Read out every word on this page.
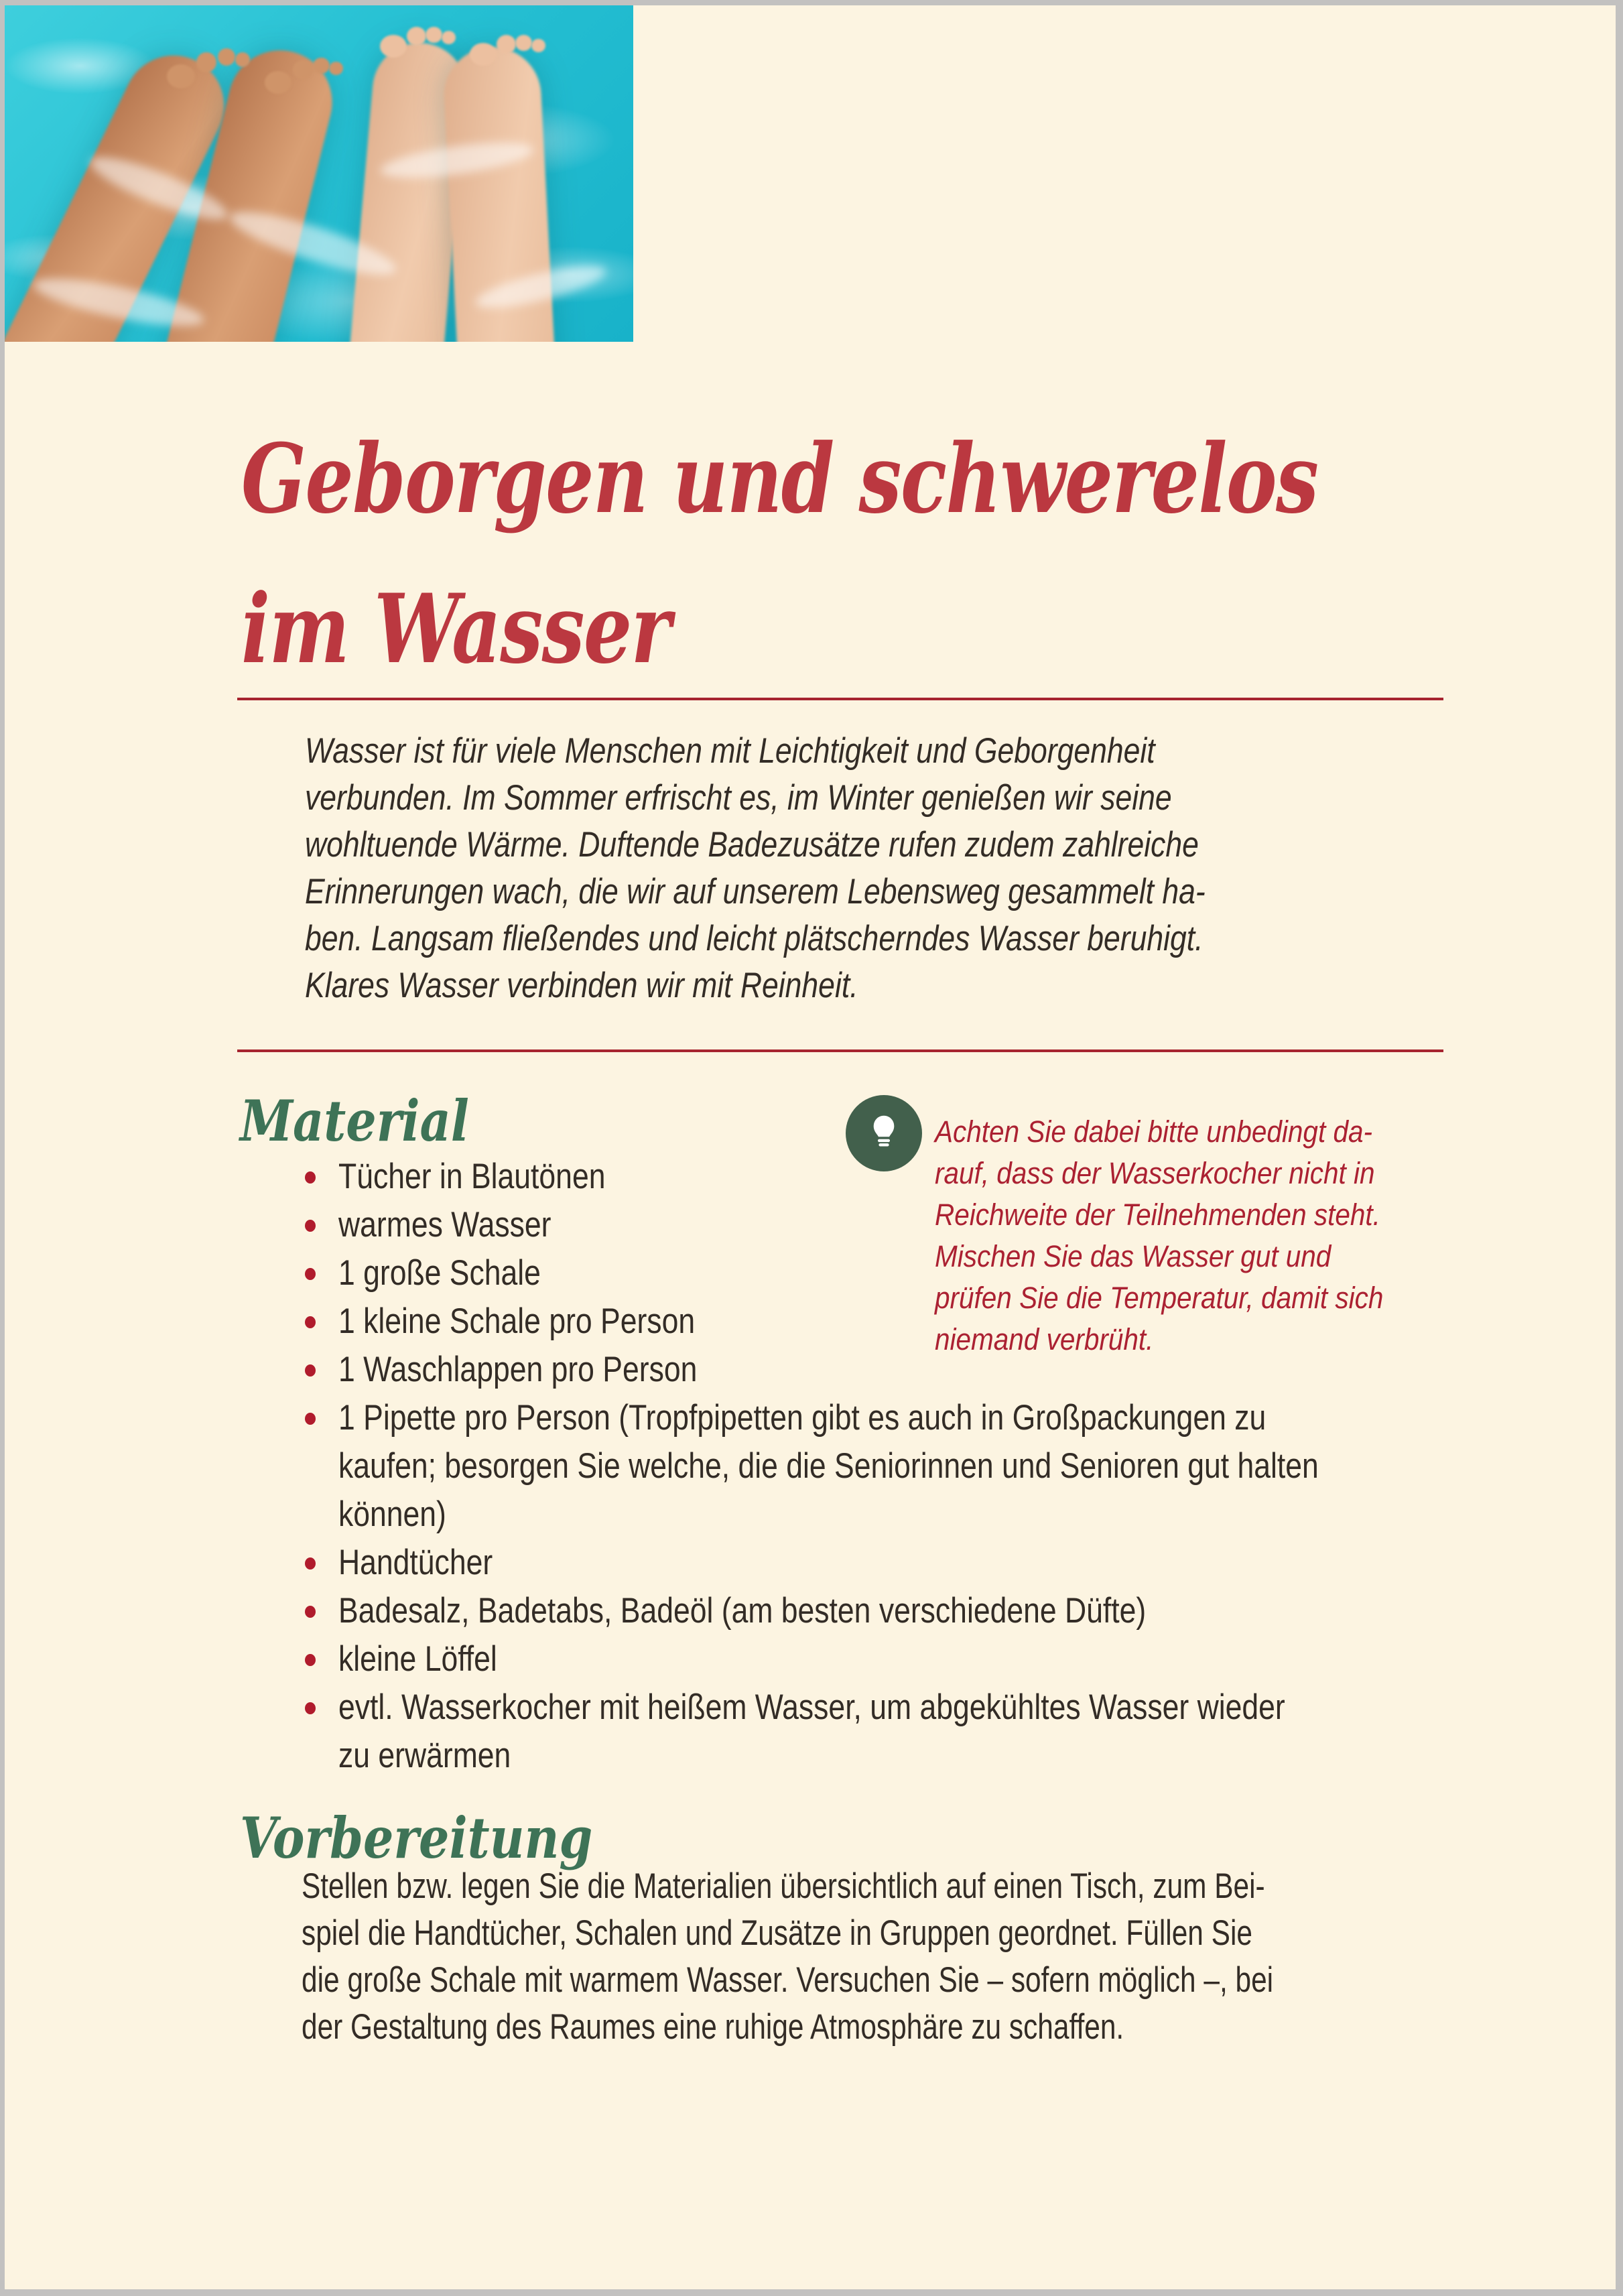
Geborgen und schwerelos
im Wasser
Wasser ist für viele Menschen mit Leichtigkeit und Geborgenheit
verbunden. Im Sommer erfrischt es, im Winter genießen wir seine
wohltuende Wärme. Duftende Badezusätze rufen zudem zahlreiche
Erinnerungen wach, die wir auf unserem Lebensweg gesammelt ha-
ben. Langsam fließendes und leicht plätscherndes Wasser beruhigt.
Klares Wasser verbinden wir mit Reinheit.
Material	Achten Sie dabei bitte unbedingt da-
rauf, dass der Wasserkocher nicht in
Reichweite der Teilnehmenden steht.
Mischen Sie das Wasser gut und
prüfen Sie die Temperatur, damit sich
niemand verbrüht.
Tücher in Blautönen
warmes Wasser
1 große Schale
1 kleine Schale pro Person
1 Waschlappen pro Person
1 Pipette pro Person (Tropfpipetten gibt es auch in Großpackungen zu
kaufen; besorgen Sie welche, die die Seniorinnen und Senioren gut halten
können)
Handtücher
Badesalz, Badetabs, Badeöl (am besten verschiedene Düfte)
kleine Löffel
evtl. Wasserkocher mit heißem Wasser, um abgekühltes Wasser wieder
zu erwärmen
Vorbereitung
Stellen bzw. legen Sie die Materialien übersichtlich auf einen Tisch, zum Bei-
spiel die Handtücher, Schalen und Zusätze in Gruppen geordnet. Füllen Sie
die große Schale mit warmem Wasser. Versuchen Sie – sofern möglich –, bei
der Gestaltung des Raumes eine ruhige Atmosphäre zu schaffen.
